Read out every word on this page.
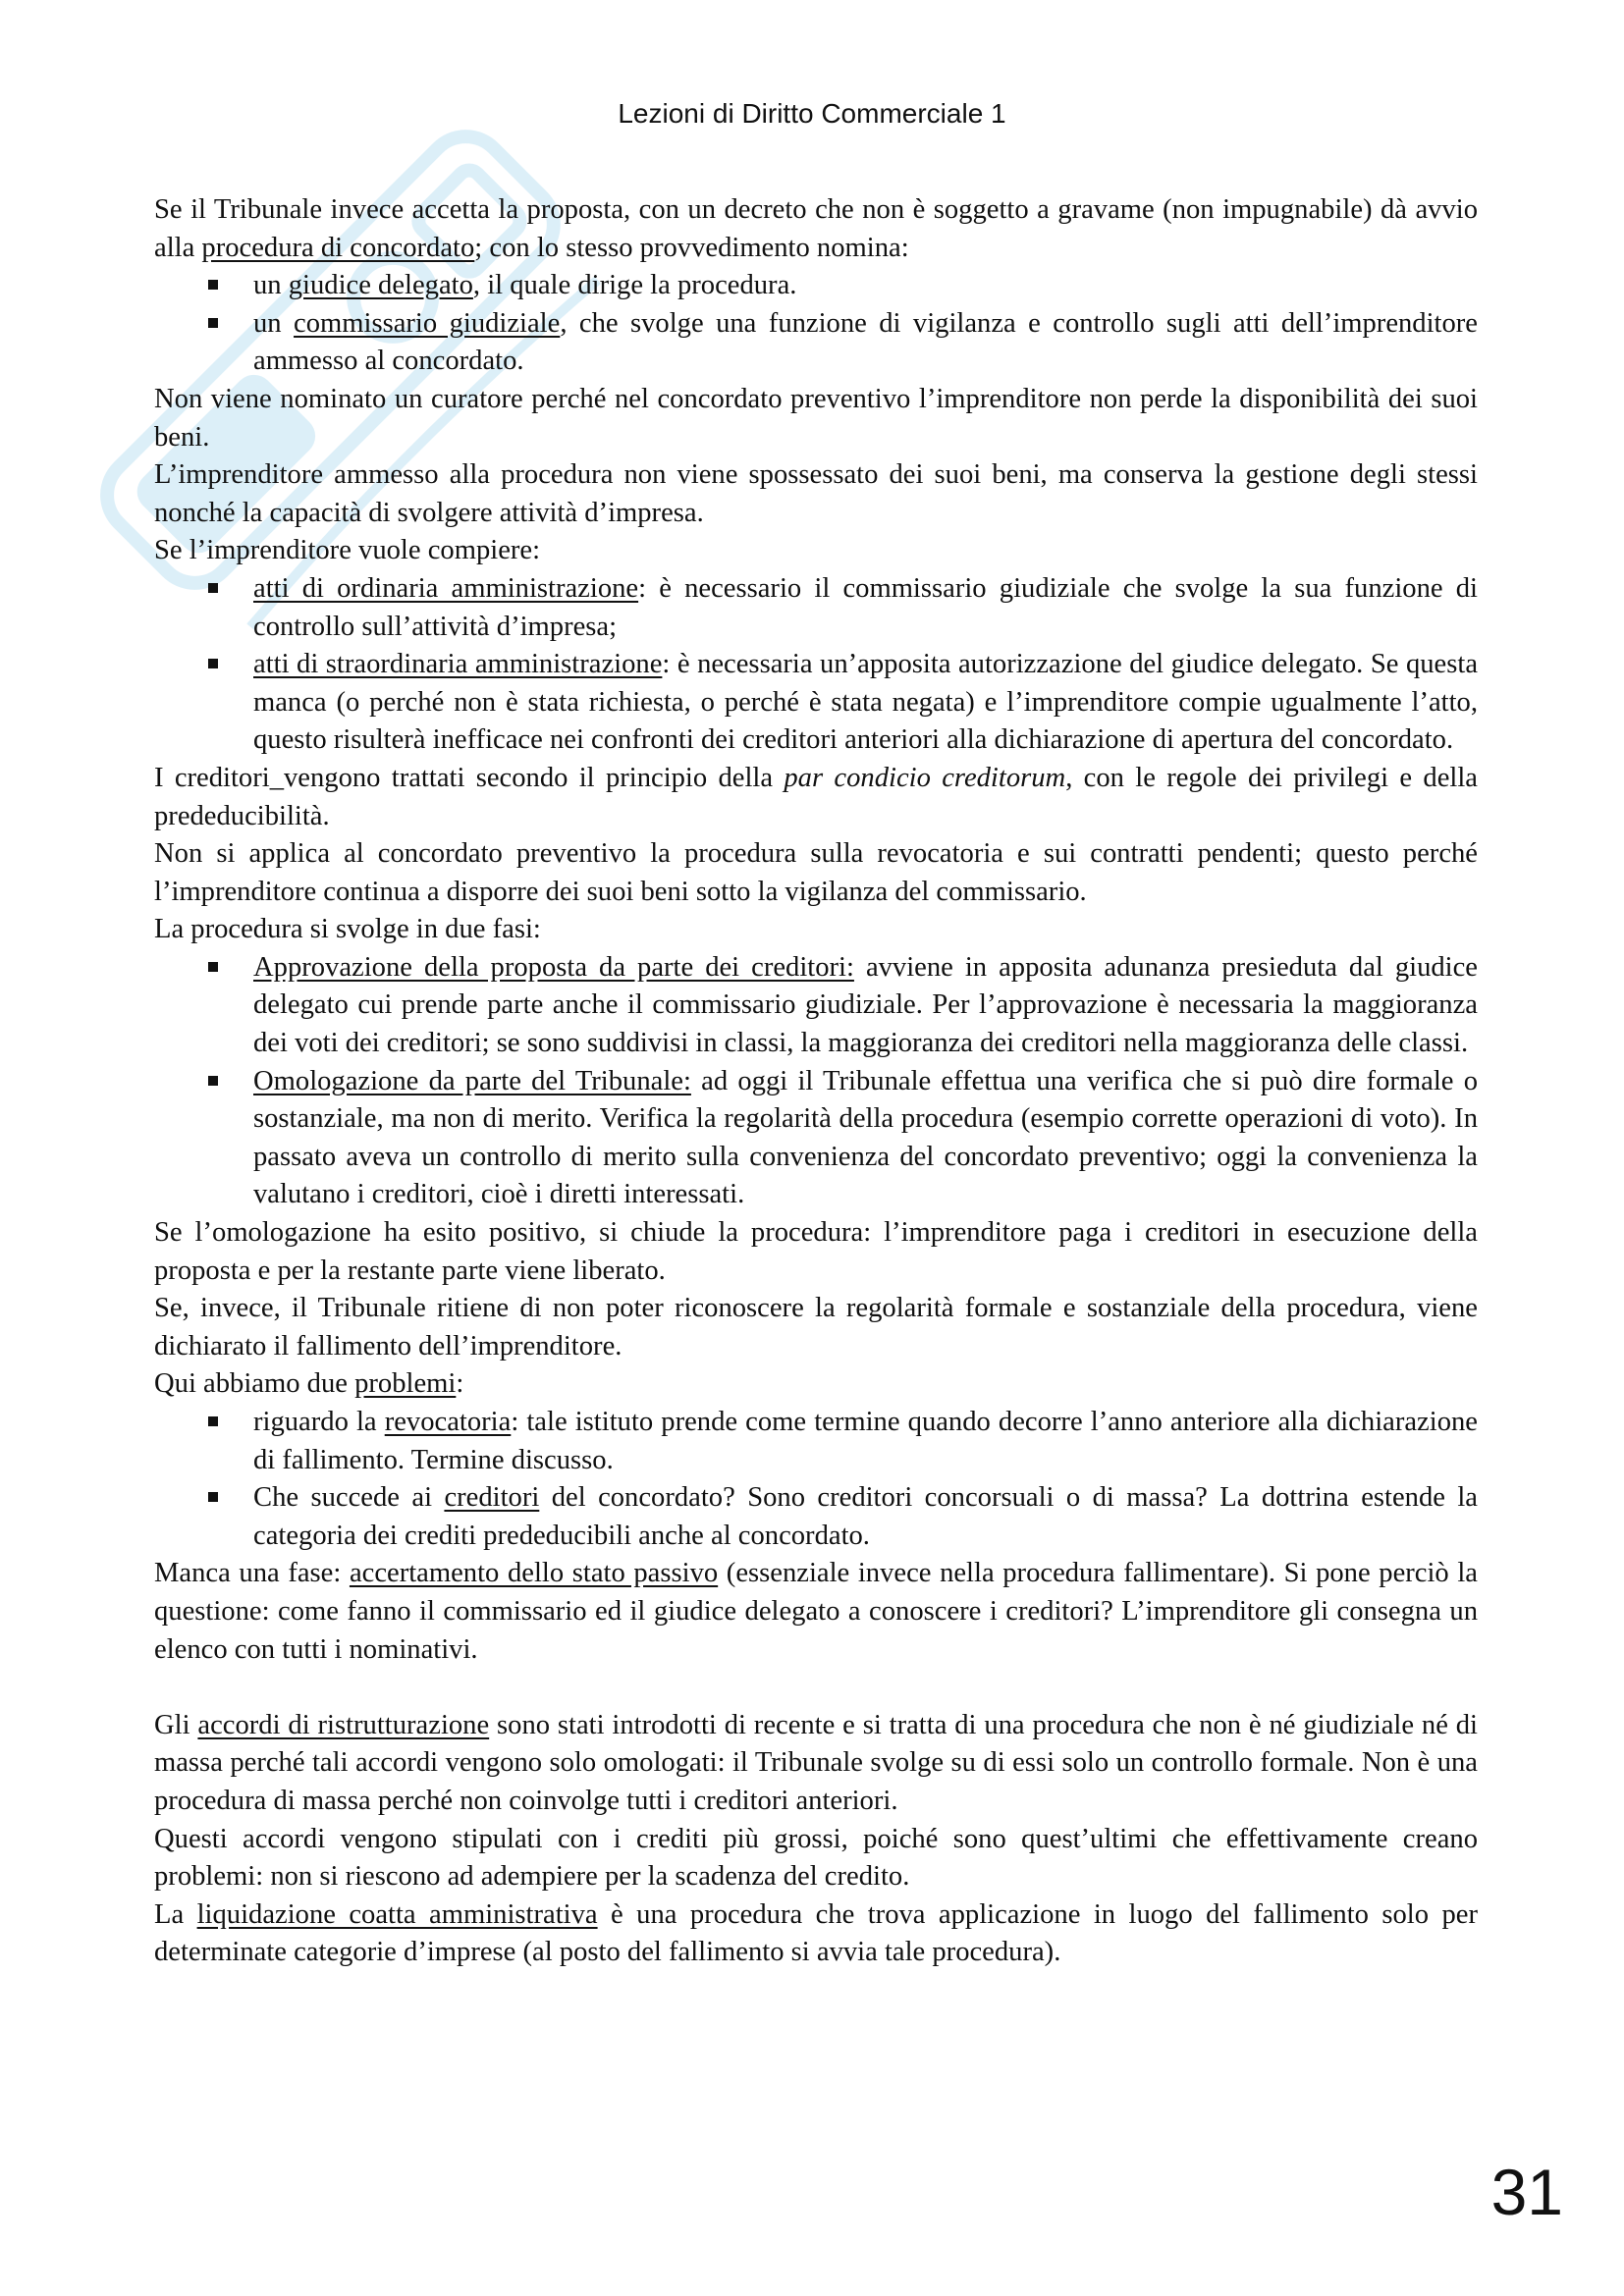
Lezioni di Diritto Commerciale 1

Se il Tribunale invece accetta la proposta, con un decreto che non è soggetto a gravame (non impugnabile) dà avvio alla procedura di concordato; con lo stesso provvedimento nomina:

un giudice delegato, il quale dirige la procedura.
un commissario giudiziale, che svolge una funzione di vigilanza e controllo sugli atti dell’imprenditore ammesso al concordato.

Non viene nominato un curatore perché nel concordato preventivo l’imprenditore non perde la disponibilità dei suoi beni.

L’imprenditore ammesso alla procedura non viene spossessato dei suoi beni, ma conserva la gestione degli stessi nonché la capacità di svolgere attività d’impresa.

Se l’imprenditore vuole compiere:

atti di ordinaria amministrazione: è necessario il commissario giudiziale che svolge la sua funzione di controllo sull’attività d’impresa;
atti di straordinaria amministrazione: è necessaria un’apposita autorizzazione del giudice delegato. Se questa manca (o perché non è stata richiesta, o perché è stata negata) e l’imprenditore compie ugualmente l’atto, questo risulterà inefficace nei confronti dei creditori anteriori alla dichiarazione di apertura del concordato.

I creditori_vengono trattati secondo il principio della par condicio creditorum, con le regole dei privilegi e della prededucibilità.

Non si applica al concordato preventivo la procedura sulla revocatoria e sui contratti pendenti; questo perché l’imprenditore continua a disporre dei suoi beni sotto la vigilanza del commissario.

La procedura si svolge in due fasi:

Approvazione della proposta da parte dei creditori: avviene in apposita adunanza presieduta dal giudice delegato cui prende parte anche il commissario giudiziale. Per l’approvazione è necessaria la maggioranza dei voti dei creditori; se sono suddivisi in classi, la maggioranza dei creditori nella maggioranza delle classi.
Omologazione da parte del Tribunale: ad oggi il Tribunale effettua una verifica che si può dire formale o sostanziale, ma non di merito. Verifica la regolarità della procedura (esempio corrette operazioni di voto). In passato aveva un controllo di merito sulla convenienza del concordato preventivo; oggi la convenienza la valutano i creditori, cioè i diretti interessati.

Se l’omologazione ha esito positivo, si chiude la procedura: l’imprenditore paga i creditori in esecuzione della proposta e per la restante parte viene liberato.

Se, invece, il Tribunale ritiene di non poter riconoscere la regolarità formale e sostanziale della procedura, viene dichiarato il fallimento dell’imprenditore.

Qui abbiamo due problemi:

riguardo la revocatoria: tale istituto prende come termine quando decorre l’anno anteriore alla dichiarazione di fallimento. Termine discusso.
Che succede ai creditori del concordato? Sono creditori concorsuali o di massa? La dottrina estende la categoria dei crediti prededucibili anche al concordato.

Manca una fase: accertamento dello stato passivo (essenziale invece nella procedura fallimentare). Si pone perciò la questione: come fanno il commissario ed il giudice delegato a conoscere i creditori? L’imprenditore gli consegna un elenco con tutti i nominativi.

Gli accordi di ristrutturazione sono stati introdotti di recente e si tratta di una procedura che non è né giudiziale né di massa perché tali accordi vengono solo omologati: il Tribunale svolge su di essi solo un controllo formale. Non è una procedura di massa perché non coinvolge tutti i creditori anteriori.

Questi accordi vengono stipulati con i crediti più grossi, poiché sono quest’ultimi che effettivamente creano problemi: non si riescono ad adempiere per la scadenza del credito.

La liquidazione coatta amministrativa è una procedura che trova applicazione in luogo del fallimento solo per determinate categorie d’imprese (al posto del fallimento si avvia tale procedura).

31
